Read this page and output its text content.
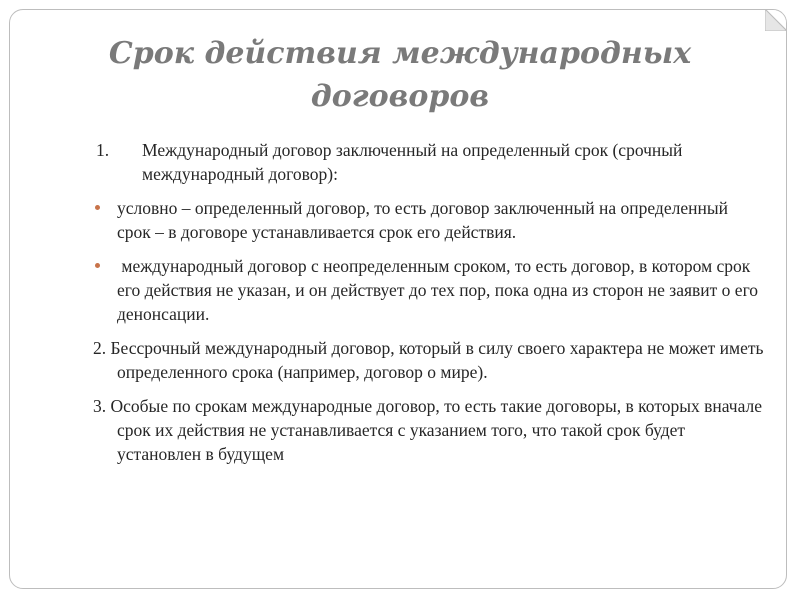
Срок действия международных договоров

1. Международный договор заключенный на определенный срок (срочный международный договор):

условно – определенный договор, то есть договор заключенный на определенный срок – в договоре устанавливается срок его действия.

международный договор с неопределенным сроком, то есть договор, в котором срок его действия не указан, и он действует до тех пор, пока одна из сторон не заявит о его денонсации.

2. Бессрочный международный договор, который в силу своего характера не может иметь определенного срока (например, договор о мире).

3. Особые по срокам международные договор, то есть такие договоры, в которых вначале срок их действия не устанавливается с указанием того, что такой срок будет установлен в будущем
